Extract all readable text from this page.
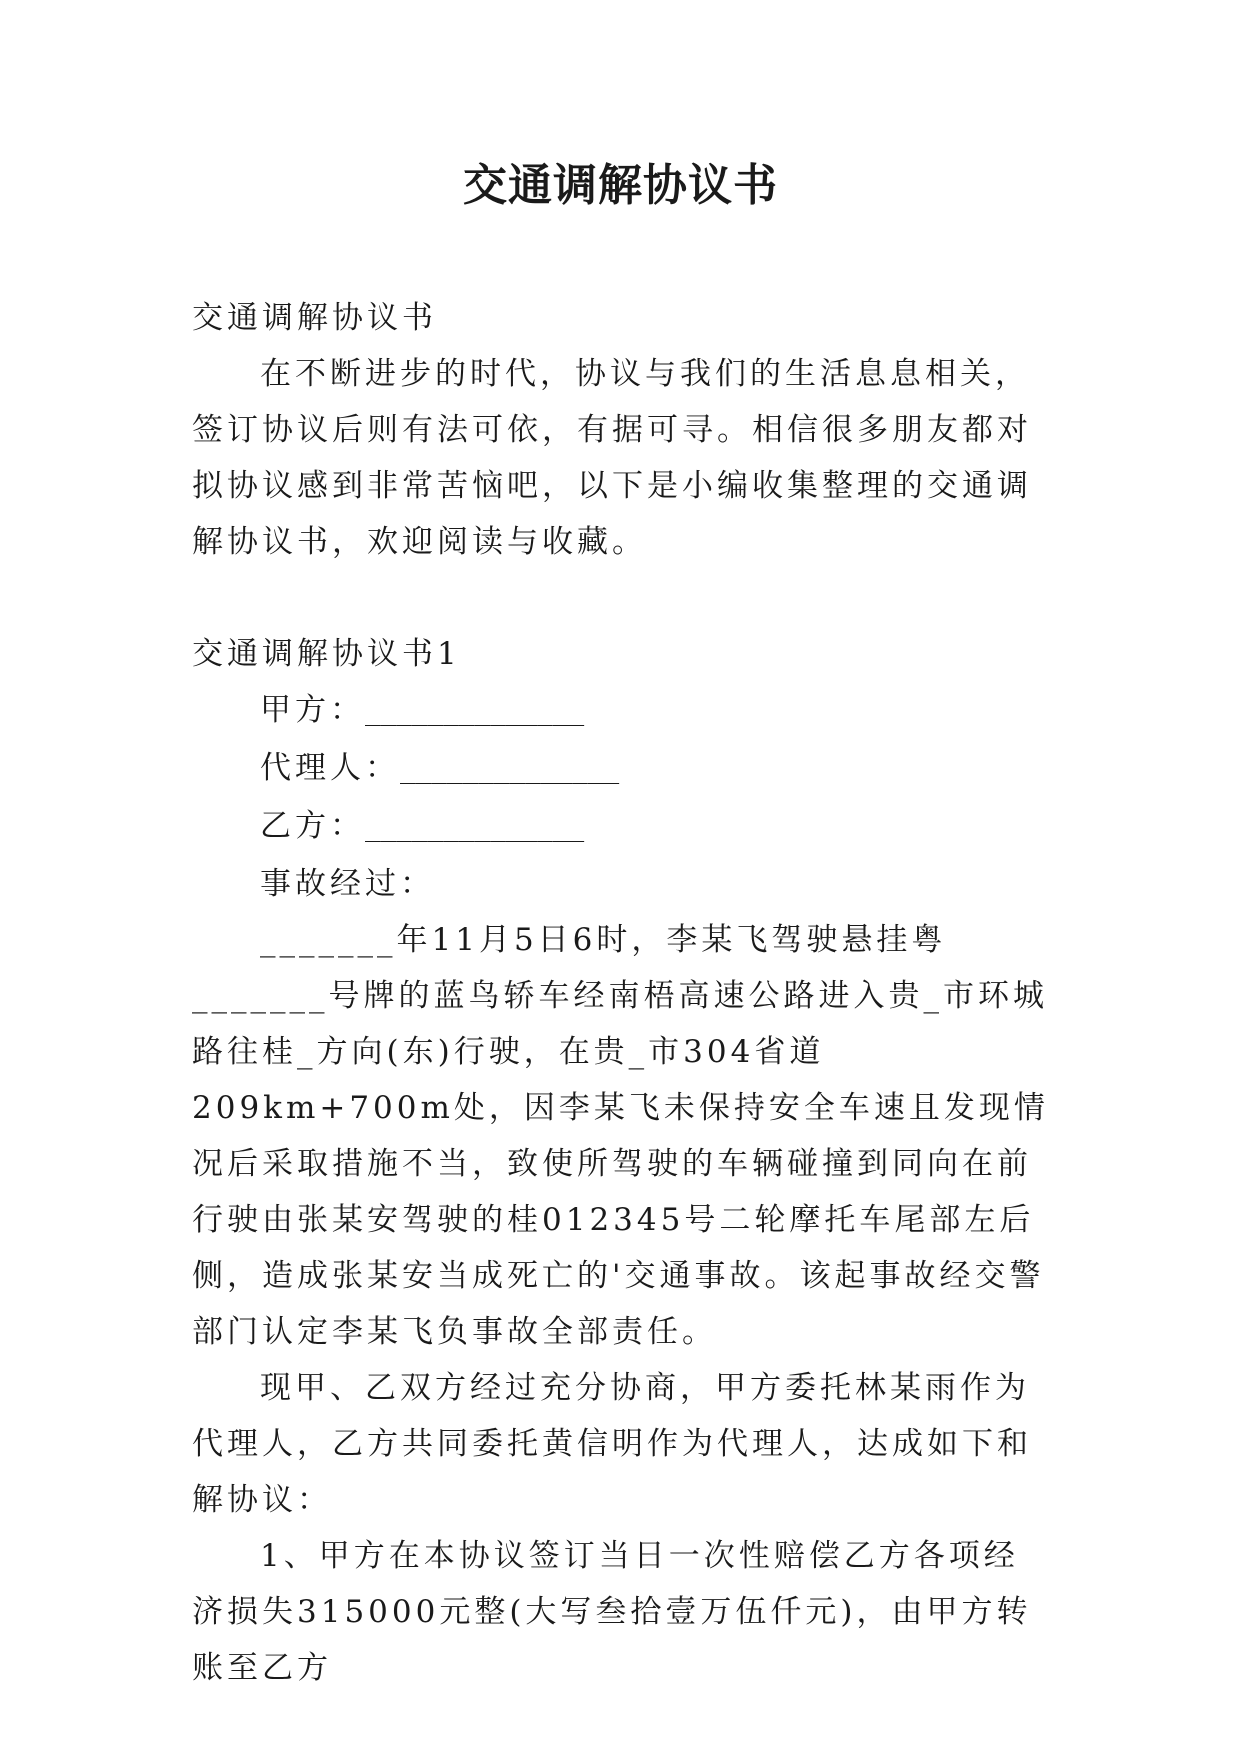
交通调解协议书

交通调解协议书

在不断进步的时代，协议与我们的生活息息相关，签订协议后则有法可依，有据可寻。相信很多朋友都对拟协议感到非常苦恼吧，以下是小编收集整理的交通调解协议书，欢迎阅读与收藏。

交通调解协议书1

甲方：______________

代理人：______________

乙方：______________

事故经过：

_______年11月5日6时，李某飞驾驶悬挂粤_______号牌的蓝鸟轿车经南梧高速公路进入贵_市环城路往桂_方向(东)行驶，在贵_市304省道209km+700m处，因李某飞未保持安全车速且发现情况后采取措施不当，致使所驾驶的车辆碰撞到同向在前行驶由张某安驾驶的桂012345号二轮摩托车尾部左后侧，造成张某安当成死亡的'交通事故。该起事故经交警部门认定李某飞负事故全部责任。

现甲、乙双方经过充分协商，甲方委托林某雨作为代理人，乙方共同委托黄信明作为代理人，达成如下和解协议：

1、甲方在本协议签订当日一次性赔偿乙方各项经济损失315000元整(大写叁拾壹万伍仟元)，由甲方转账至乙方
